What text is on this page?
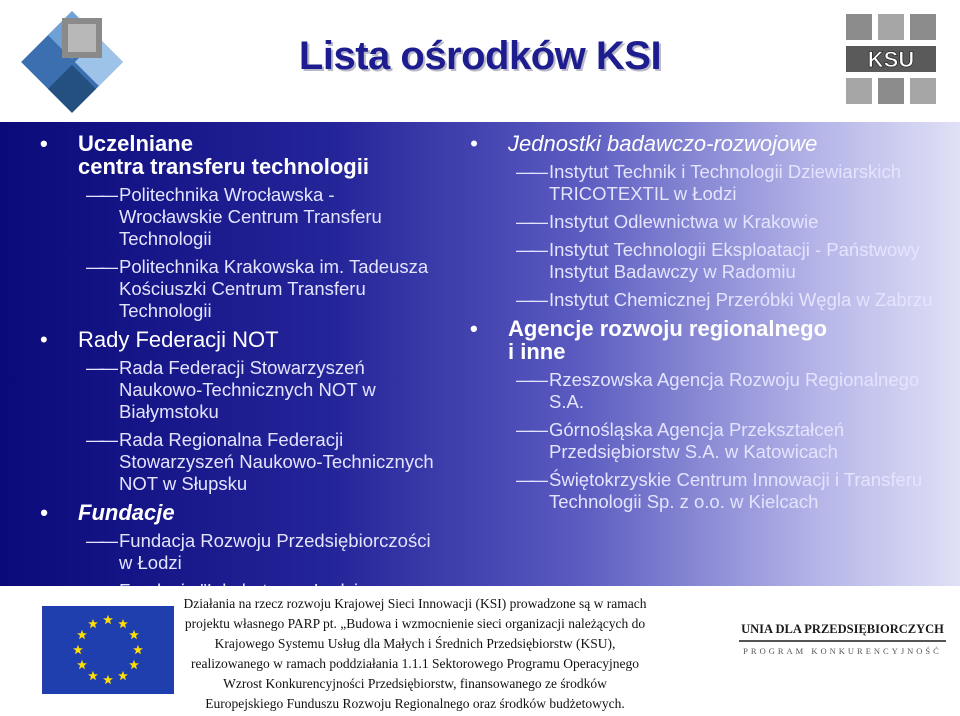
Lista ośrodków KSI	KSU
• Uczelniane
centra transferu technologii
—— Politechnika Wrocławska - Wrocławskie Centrum Transferu Technologii
—— Politechnika Krakowska im. Tadeusza Kościuszki Centrum Transferu Technologii
• Rady Federacji NOT
—— Rada Federacji Stowarzyszeń Naukowo-Technicznych NOT w Białymstoku
—— Rada Regionalna Federacji Stowarzyszeń Naukowo-Technicznych NOT w Słupsku
• Fundacje
—— Fundacja Rozwoju Przedsiębiorczości w Łodzi
——
• Jednostki badawczo-rozwojowe
—— Instytut Technik i Technologii Dziewiarskich TRICOTEXTIL w Łodzi
—— Instytut Odlewnictwa w Krakowie
—— Instytut Technologii Eksploatacji - Państwowy Instytut Badawczy w Radomiu
—— Instytut Chemicznej Przeróbki Węgla w Zabrzu
• Agencje rozwoju regionalnego
i inne
—— Rzeszowska Agencja Rozwoju Regionalnego S.A.
—— Górnośląska Agencja Przekształceń Przedsiębiorstw S.A. w Katowicach
—— Świętokrzyskie Centrum Innowacji i Transferu Technologii Sp. z o.o. w Kielcach
Działania na rzecz rozwoju Krajowej Sieci Innowacji (KSI) prowadzone są w ramach
projektu własnego PARP pt. „Budowa i wzmocnienie sieci organizacji należących do
Krajowego Systemu Usług dla Małych i Średnich Przedsiębiorstw (KSU),
realizowanego w ramach poddziałania 1.1.1 Sektorowego Programu Operacyjnego
Wzrost Konkurencyjności Przedsiębiorstw, finansowanego ze środków
Europejskiego Funduszu Rozwoju Regionalnego oraz środków budżetowych.
UNIA DLA PRZEDSIĘBIORCZYCH
PROGRAM KONKURENCYJNOŚĆ
